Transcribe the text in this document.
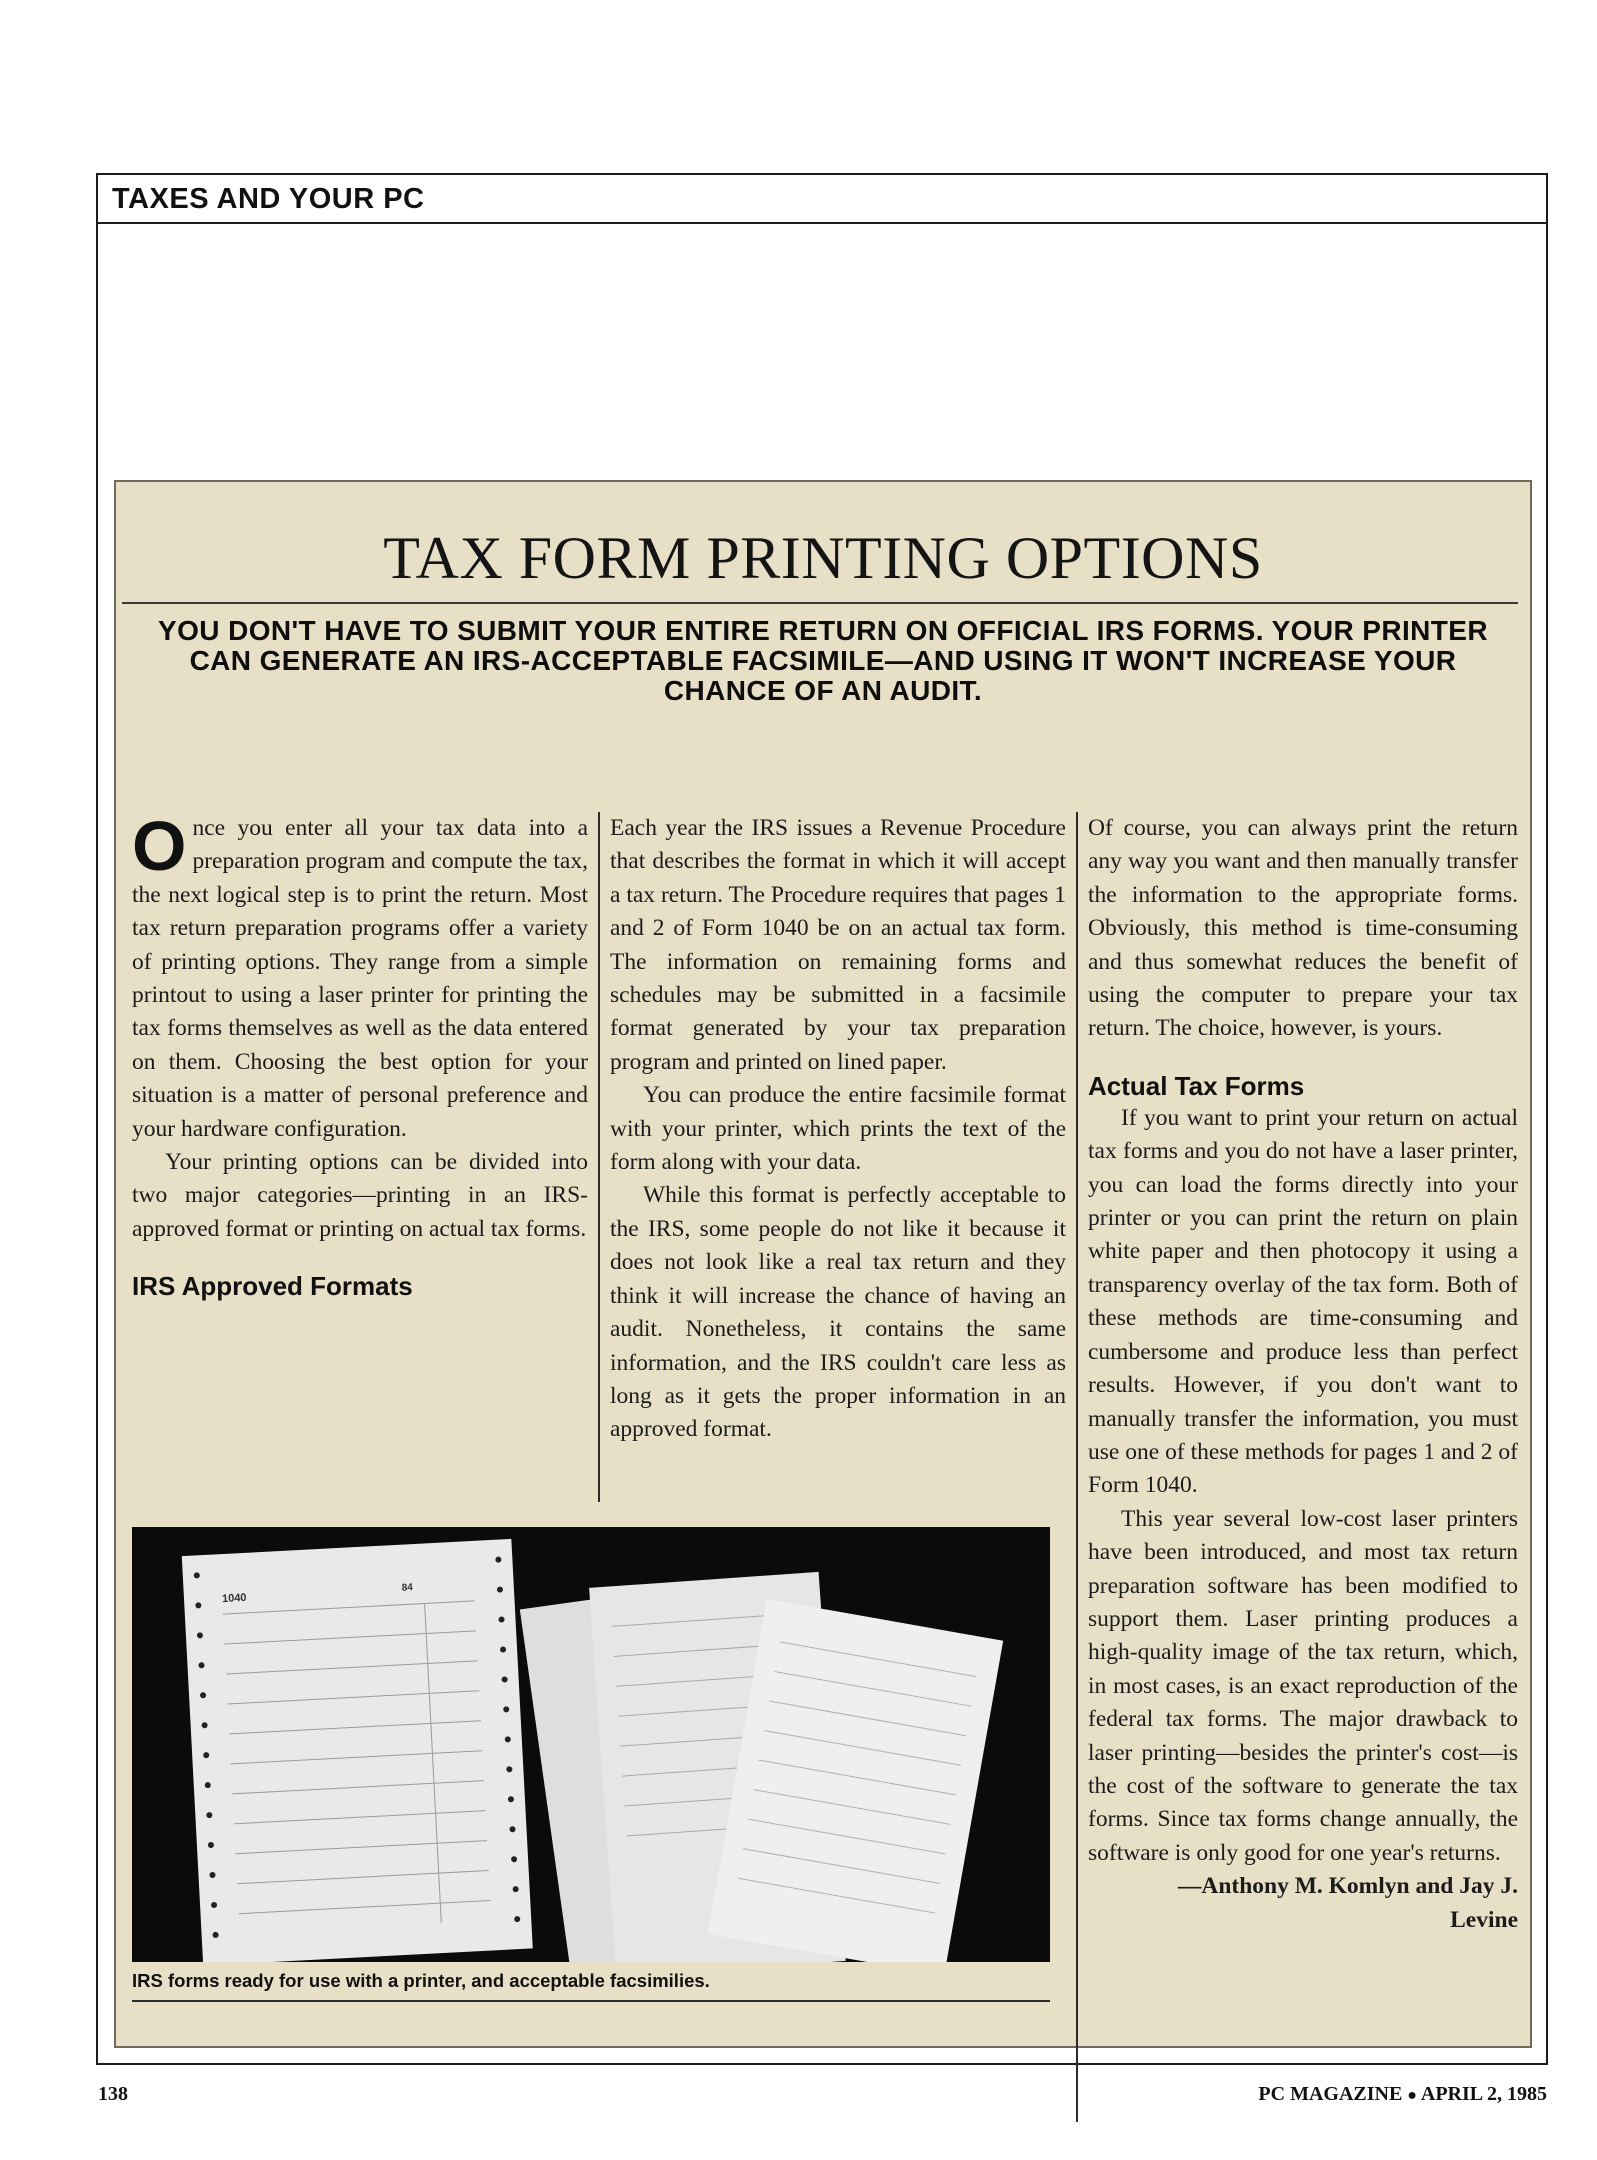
TAXES AND YOUR PC
TAX FORM PRINTING OPTIONS
YOU DON'T HAVE TO SUBMIT YOUR ENTIRE RETURN ON OFFICIAL IRS FORMS. YOUR PRINTER CAN GENERATE AN IRS-ACCEPTABLE FACSIMILE—AND USING IT WON'T INCREASE YOUR CHANCE OF AN AUDIT.

Once you enter all your tax data into a preparation program and compute the tax, the next logical step is to print the return. Most tax return preparation programs offer a variety of printing options. They range from a simple printout to using a laser printer for printing the tax forms themselves as well as the data entered on them. Choosing the best option for your situation is a matter of personal preference and your hardware configuration.

Your printing options can be divided into two major categories—printing in an IRS-approved format or printing on actual tax forms.

IRS Approved Formats

Each year the IRS issues a Revenue Procedure that describes the format in which it will accept a tax return. The Procedure requires that pages 1 and 2 of Form 1040 be on an actual tax form. The information on remaining forms and schedules may be submitted in a facsimile format generated by your tax preparation program and printed on lined paper.

You can produce the entire facsimile format with your printer, which prints the text of the form along with your data.

While this format is perfectly acceptable to the IRS, some people do not like it because it does not look like a real tax return and they think it will increase the chance of having an audit. Nonetheless, it contains the same information, and the IRS couldn't care less as long as it gets the proper information in an approved format.

Of course, you can always print the return any way you want and then manually transfer the information to the appropriate forms. Obviously, this method is time-consuming and thus somewhat reduces the benefit of using the computer to prepare your tax return. The choice, however, is yours.

Actual Tax Forms

If you want to print your return on actual tax forms and you do not have a laser printer, you can load the forms directly into your printer or you can print the return on plain white paper and then photocopy it using a transparency overlay of the tax form. Both of these methods are time-consuming and cumbersome and produce less than perfect results. However, if you don't want to manually transfer the information, you must use one of these methods for pages 1 and 2 of Form 1040.

This year several low-cost laser printers have been introduced, and most tax return preparation software has been modified to support them. Laser printing produces a high-quality image of the tax return, which, in most cases, is an exact reproduction of the federal tax forms. The major drawback to laser printing—besides the printer's cost—is the cost of the software to generate the tax forms. Since tax forms change annually, the software is only good for one year's returns.

—Anthony M. Komlyn and Jay J. Levine

1040
84
IRS forms ready for use with a printer, and acceptable facsimilies.
138	PC MAGAZINE ● APRIL 2, 1985
